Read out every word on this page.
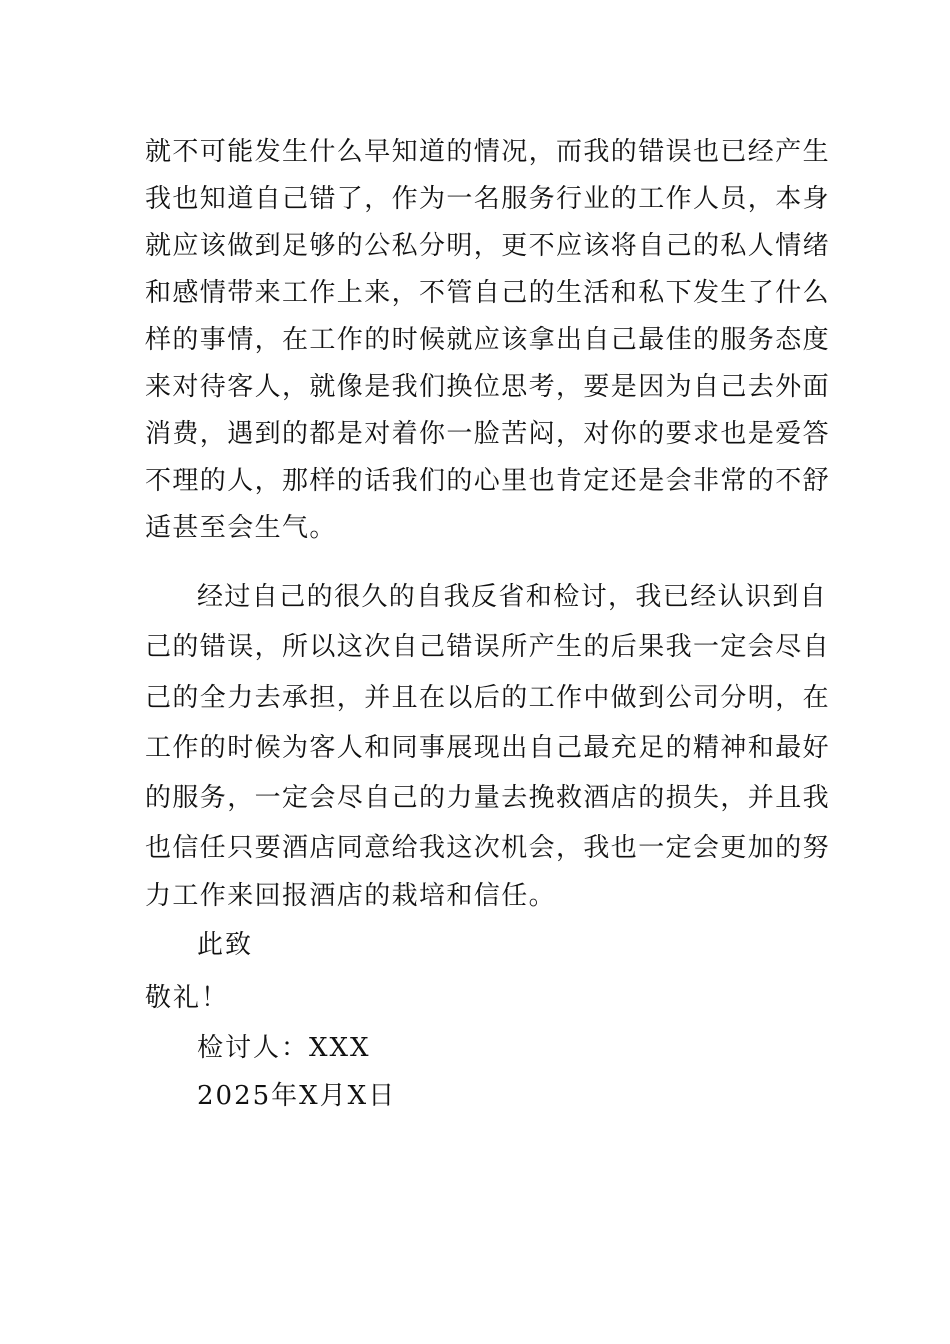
就不可能发生什么早知道的情况，而我的错误也已经产生
我也知道自己错了，作为一名服务行业的工作人员，本身
就应该做到足够的公私分明，更不应该将自己的私人情绪
和感情带来工作上来，不管自己的生活和私下发生了什么
样的事情，在工作的时候就应该拿出自己最佳的服务态度
来对待客人，就像是我们换位思考，要是因为自己去外面
消费，遇到的都是对着你一脸苦闷，对你的要求也是爱答
不理的人，那样的话我们的心里也肯定还是会非常的不舒
适甚至会生气。
经过自己的很久的自我反省和检讨，我已经认识到自
己的错误，所以这次自己错误所产生的后果我一定会尽自
己的全力去承担，并且在以后的工作中做到公司分明，在
工作的时候为客人和同事展现出自己最充足的精神和最好
的服务，一定会尽自己的力量去挽救酒店的损失，并且我
也信任只要酒店同意给我这次机会，我也一定会更加的努
力工作来回报酒店的栽培和信任。
此致
敬礼！
检讨人：XXX
2025年X月X日
